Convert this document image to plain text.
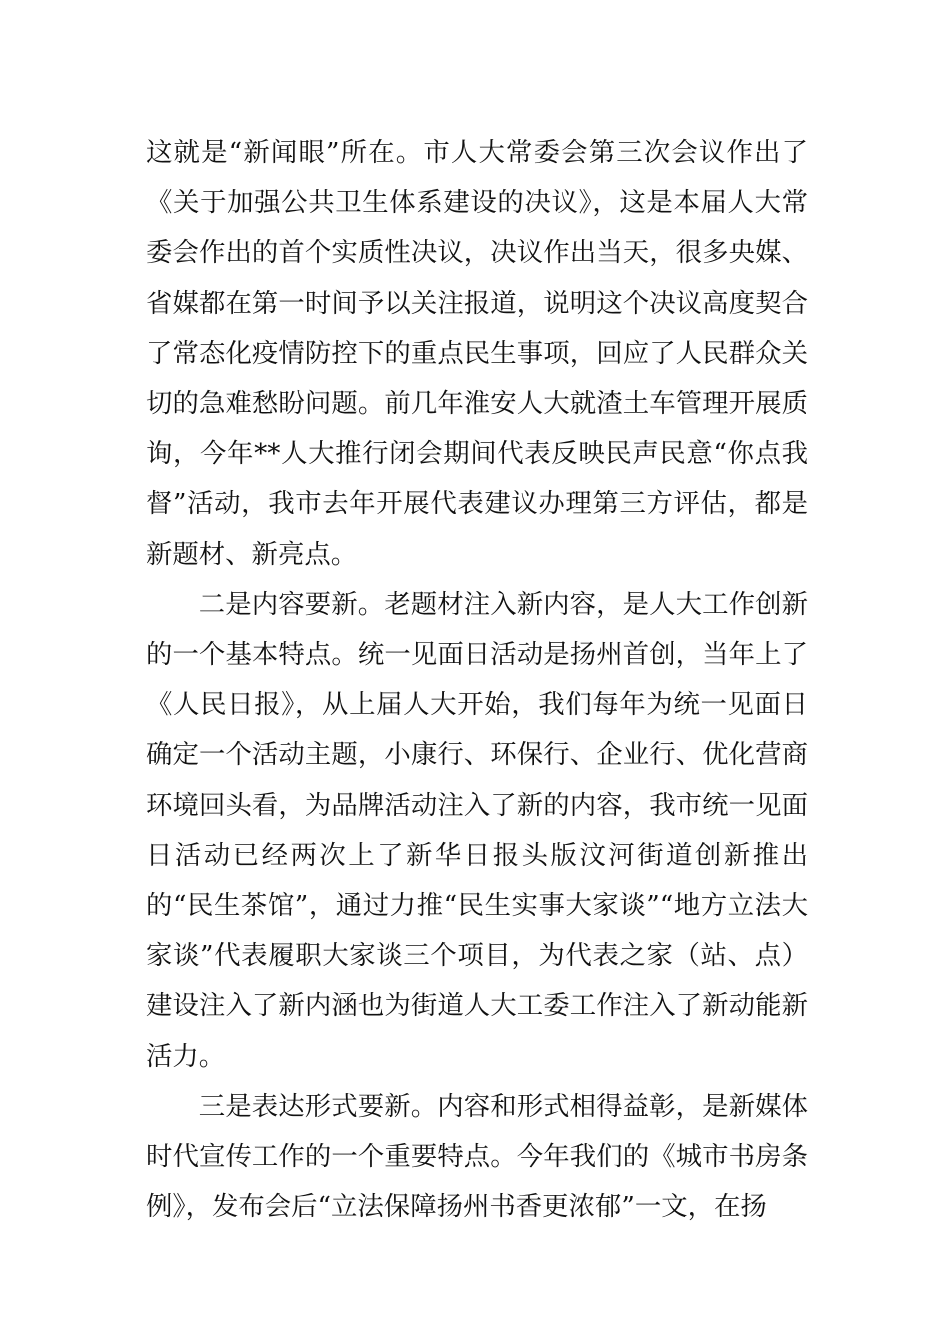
这就是“新闻眼”所在。市人大常委会第三次会议作出了《关于加强公共卫生体系建设的决议》，这是本届人大常委会作出的首个实质性决议，决议作出当天，很多央媒、省媒都在第一时间予以关注报道，说明这个决议高度契合了常态化疫情防控下的重点民生事项，回应了人民群众关切的急难愁盼问题。前几年淮安人大就渣土车管理开展质询，今年**人大推行闭会期间代表反映民声民意“你点我督”活动，我市去年开展代表建议办理第三方评估，都是新题材、新亮点。

二是内容要新。老题材注入新内容，是人大工作创新的一个基本特点。统一见面日活动是扬州首创，当年上了《人民日报》，从上届人大开始，我们每年为统一见面日确定一个活动主题，小康行、环保行、企业行、优化营商环境回头看，为品牌活动注入了新的内容，我市统一见面日活动已经两次上了新华日报头版汶河街道创新推出的“民生茶馆”，通过力推“民生实事大家谈”“地方立法大家谈”代表履职大家谈三个项目，为代表之家（站、点）建设注入了新内涵也为街道人大工委工作注入了新动能新活力。

三是表达形式要新。内容和形式相得益彰，是新媒体时代宣传工作的一个重要特点。今年我们的《城市书房条例》，发布会后“立法保障扬州书香更浓郁”一文，在扬
